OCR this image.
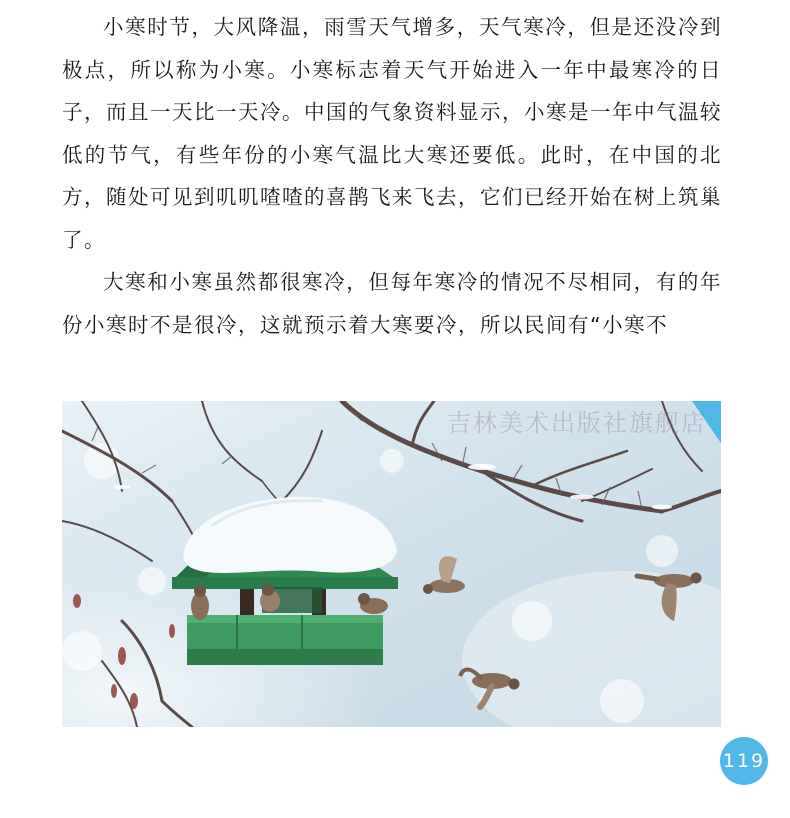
小寒时节，大风降温，雨雪天气增多，天气寒冷，但是还没冷到极点，所以称为小寒。小寒标志着天气开始进入一年中最寒冷的日子，而且一天比一天冷。中国的气象资料显示，小寒是一年中气温较低的节气，有些年份的小寒气温比大寒还要低。此时，在中国的北方，随处可见到叽叽喳喳的喜鹊飞来飞去，它们已经开始在树上筑巢了。

大寒和小寒虽然都很寒冷，但每年寒冷的情况不尽相同，有的年份小寒时不是很冷，这就预示着大寒要冷，所以民间有“小寒不

吉林美术出版社旗舰店
119
